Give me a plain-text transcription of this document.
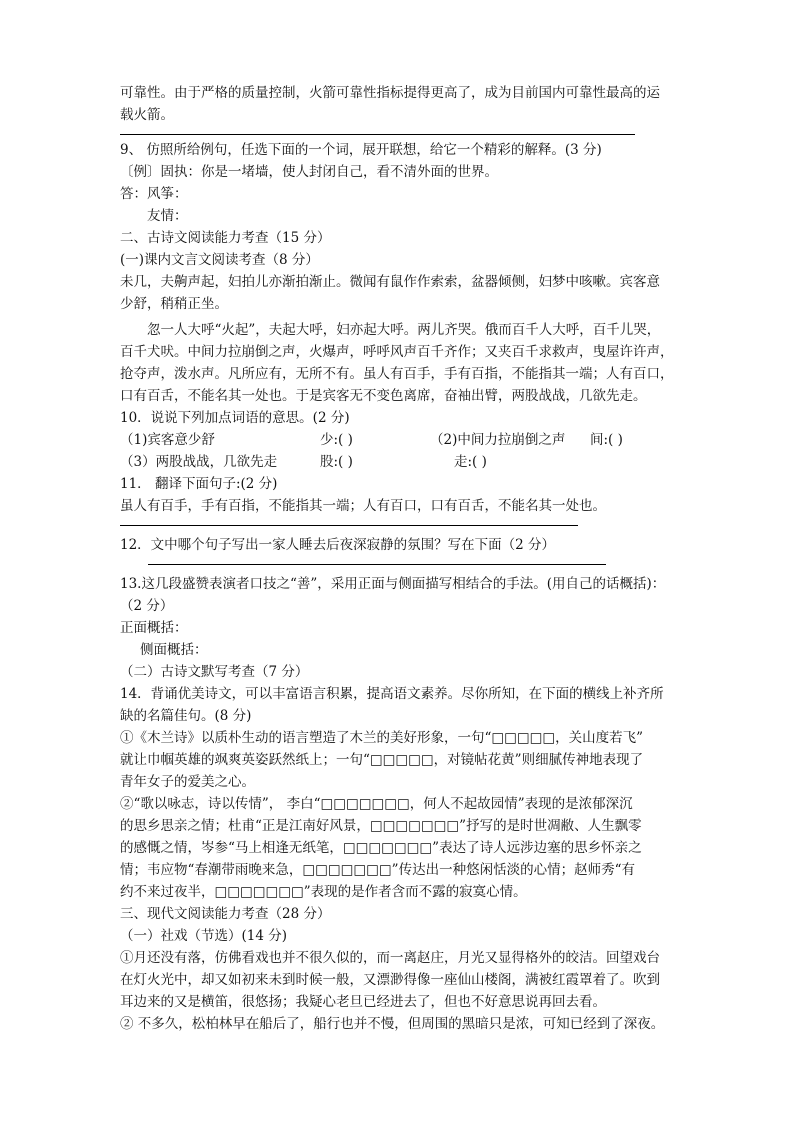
可靠性。由于严格的质量控制，火箭可靠性指标提得更高了，成为目前国内可靠性最高的运
载火箭。
9、 仿照所给例句，任选下面的一个词，展开联想，给它一个精彩的解释。(3 分)
〔例〕固执：你是一堵墙，使人封闭自己，看不清外面的世界。
答：风筝：
友情：
二、古诗文阅读能力考查（15 分）
(一)课内文言文阅读考查（8 分）
未几，夫齁声起，妇拍儿亦渐拍渐止。微闻有鼠作作索索，盆器倾侧，妇梦中咳嗽。宾客意
少舒，稍稍正坐。
忽一人大呼“火起”，夫起大呼，妇亦起大呼。两儿齐哭。俄而百千人大呼，百千儿哭，
百千犬吠。中间力拉崩倒之声，火爆声，呼呼风声百千齐作；又夹百千求救声，曳屋许许声，
抢夺声，泼水声。凡所应有，无所不有。虽人有百手，手有百指，不能指其一端；人有百口，
口有百舌，不能名其一处也。于是宾客无不变色离席，奋袖出臂，两股战战，几欲先走。
10．说说下列加点词语的意思。(2 分)
（1)宾客意少舒	少:( )	（2)中间力拉崩倒之声 间:( )
（3）两股战战，几欲先走	股:( )	走:( )
11． 翻译下面句子:(2 分)
虽人有百手，手有百指，不能指其一端；人有百口，口有百舌，不能名其一处也。
12．文中哪个句子写出一家人睡去后夜深寂静的氛围？写在下面（2 分）
13.这几段盛赞表演者口技之“善”，采用正面与侧面描写相结合的手法。(用自己的话概括)：
（2 分）
正面概括：
侧面概括：
（二）古诗文默写考查（7 分）
14．背诵优美诗文，可以丰富语言积累，提高语文素养。尽你所知，在下面的横线上补齐所
缺的名篇佳句。(8 分)
①《木兰诗》以质朴生动的语言塑造了木兰的美好形象，一句“□□□□□，关山度若飞”
就让巾帼英雄的飒爽英姿跃然纸上；一句“□□□□□，对镜帖花黄”则细腻传神地表现了
青年女子的爱美之心。
②“歌以咏志，诗以传情”， 李白“□□□□□□□，何人不起故园情”表现的是浓郁深沉
的思乡思亲之情；杜甫“正是江南好风景，□□□□□□□”抒写的是时世凋敝、人生飘零
的感慨之情，岑参“马上相逢无纸笔，□□□□□□□”表达了诗人远涉边塞的思乡怀亲之
情；韦应物“春潮带雨晚来急，□□□□□□□”传达出一种悠闲恬淡的心情；赵师秀“有
约不来过夜半，□□□□□□□”表现的是作者含而不露的寂寞心情。
三、现代文阅读能力考查（28 分）
（一）社戏（节选）(14 分)
①月还没有落，仿佛看戏也并不很久似的，而一离赵庄，月光又显得格外的皎洁。回望戏台
在灯火光中，却又如初来未到时候一般，又漂渺得像一座仙山楼阁，满被红霞罩着了。吹到
耳边来的又是横笛，很悠扬；我疑心老旦已经进去了，但也不好意思说再回去看。
② 不多久，松柏林早在船后了，船行也并不慢，但周围的黑暗只是浓，可知已经到了深夜。
